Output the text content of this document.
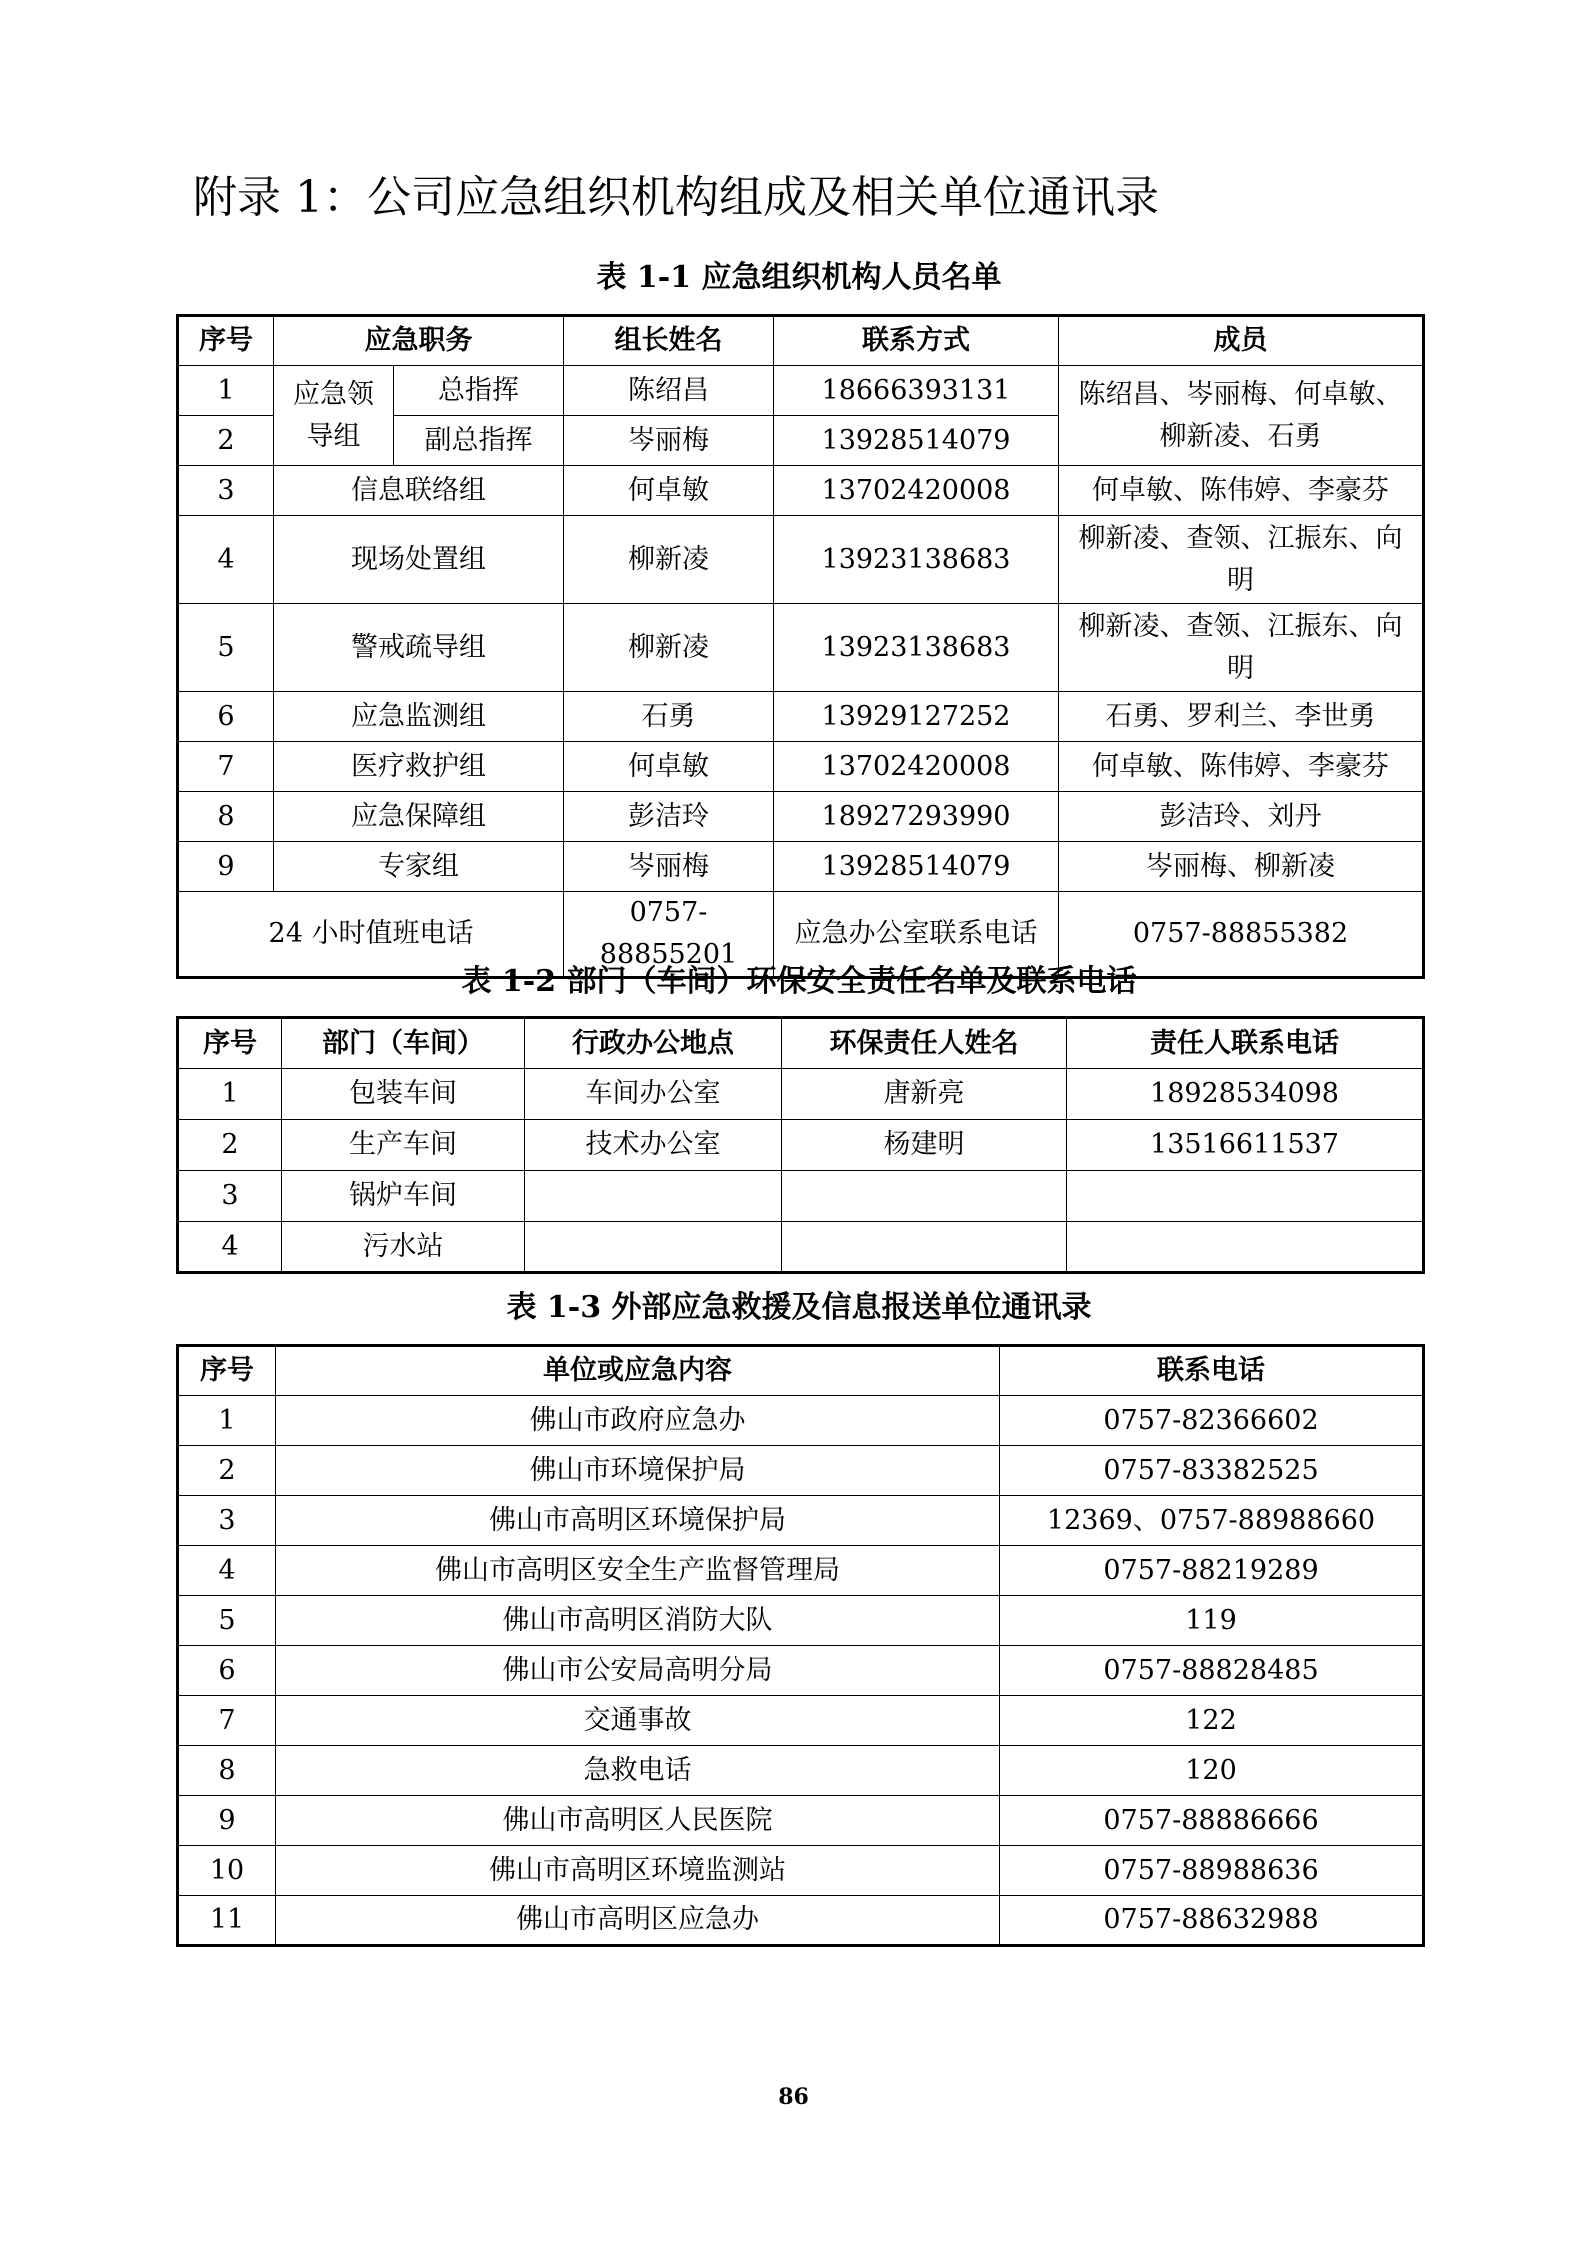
附录 1：公司应急组织机构组成及相关单位通讯录
表 1-1 应急组织机构人员名单
序号	应急职务		组长姓名	联系方式	成员
1	应急领导组	总指挥	陈绍昌	18666393131	陈绍昌、岑丽梅、何卓敏、柳新凌、石勇
2		副总指挥	岑丽梅	13928514079	
3	信息联络组		何卓敏	13702420008	何卓敏、陈伟婷、李豪芬
4	现场处置组		柳新凌	13923138683	柳新凌、查领、江振东、向明
5	警戒疏导组		柳新凌	13923138683	柳新凌、查领、江振东、向明
6	应急监测组		石勇	13929127252	石勇、罗利兰、李世勇
7	医疗救护组		何卓敏	13702420008	何卓敏、陈伟婷、李豪芬
8	应急保障组		彭洁玲	18927293990	彭洁玲、刘丹
9	专家组		岑丽梅	13928514079	岑丽梅、柳新凌
24 小时值班电话			0757-88855201	应急办公室联系电话	0757-88855382
表 1-2 部门（车间）环保安全责任名单及联系电话
序号	部门（车间）	行政办公地点	环保责任人姓名	责任人联系电话
1	包装车间	车间办公室	唐新亮	18928534098
2	生产车间	技术办公室	杨建明	13516611537
3	锅炉车间			
4	污水站			
表 1-3 外部应急救援及信息报送单位通讯录
序号	单位或应急内容	联系电话
1	佛山市政府应急办	0757-82366602
2	佛山市环境保护局	0757-83382525
3	佛山市高明区环境保护局	12369、0757-88988660
4	佛山市高明区安全生产监督管理局	0757-88219289
5	佛山市高明区消防大队	119
6	佛山市公安局高明分局	0757-88828485
7	交通事故	122
8	急救电话	120
9	佛山市高明区人民医院	0757-88886666
10	佛山市高明区环境监测站	0757-88988636
11	佛山市高明区应急办	0757-88632988
86
